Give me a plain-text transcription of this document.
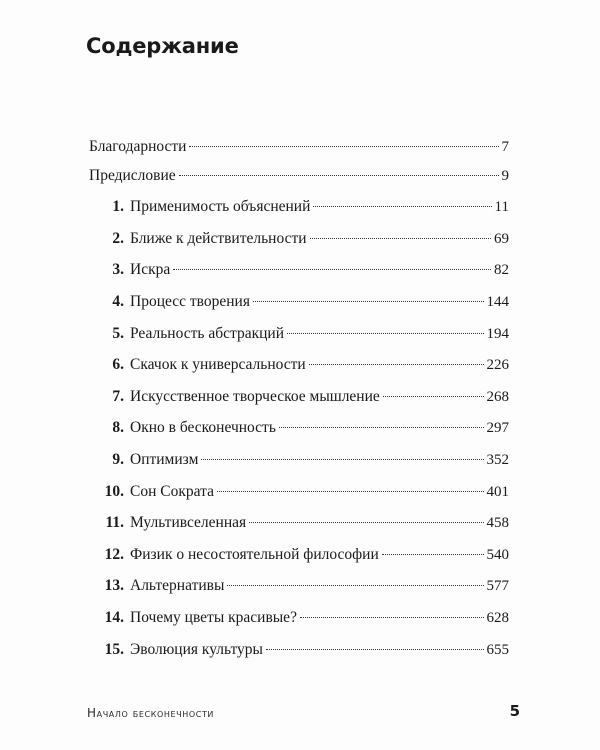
Содержание
Благодарности	7
Предисловие	9
1. Применимость объяснений	11
2. Ближе к действительности	69
3. Искра	82
4. Процесс творения	144
5. Реальность абстракций	194
6. Скачок к универсальности	226
7. Искусственное творческое мышление	268
8. Окно в бесконечность	297
9. Оптимизм	352
10. Сон Сократа	401
11. Мультивселенная	458
12. Физик о несостоятельной философии	540
13. Альтернативы	577
14. Почему цветы красивые?	628
15. Эволюция культуры	655
Начало бесконечности	5
